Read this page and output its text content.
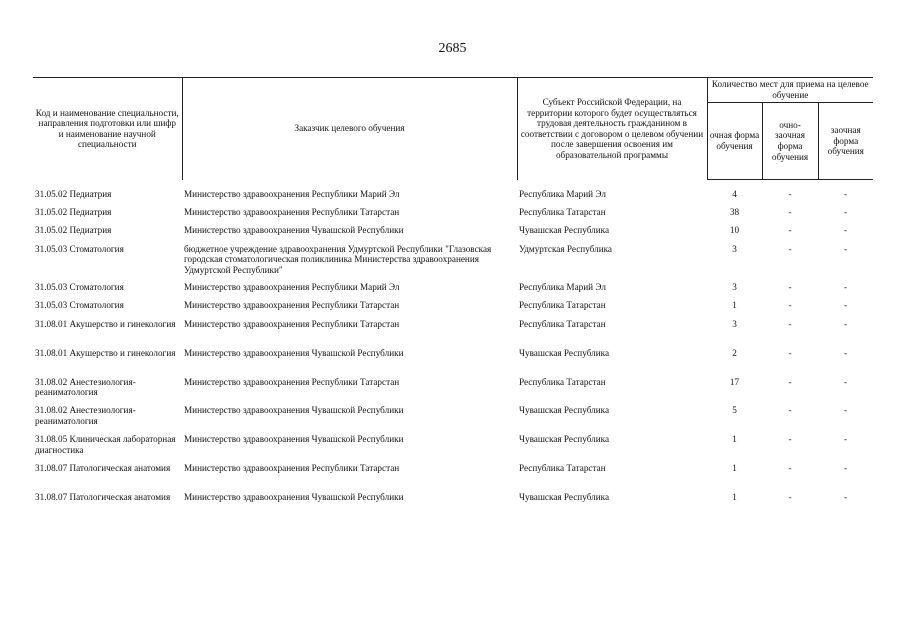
2685
Код и наименование специальности, направления подготовки или шифр и наименование научной специальности	Заказчик целевого обучения	Субъект Российской Федерации, на территории которого будет осуществляться трудовая деятельность гражданином в соответствии с договором о целевом обучении после завершения освоения им образовательной программы	Количество мест для приема на целевое обучение		
			очная форма обучения	очно-заочная форма обучения	заочная форма обучения

31.05.02 Педиатрия	Министерство здравоохранения Республики Марий Эл	Республика Марий Эл	4	-	-
31.05.02 Педиатрия	Министерство здравоохранения Республики Татарстан	Республика Татарстан	38	-	-
31.05.02 Педиатрия	Министерство здравоохранения Чувашской Республики	Чувашская Республика	10	-	-
31.05.03 Стоматология	бюджетное учреждение здравоохранения Удмуртской Республики "Глазовская городская стоматологическая поликлиника Министерства здравоохранения Удмуртской Республики"	Удмуртская Республика	3	-	-
31.05.03 Стоматология	Министерство здравоохранения Республики Марий Эл	Республика Марий Эл	3	-	-
31.05.03 Стоматология	Министерство здравоохранения Республики Татарстан	Республика Татарстан	1	-	-
31.08.01 Акушерство и гинекология	Министерство здравоохранения Республики Татарстан	Республика Татарстан	3	-	-
31.08.01 Акушерство и гинекология	Министерство здравоохранения Чувашской Республики	Чувашская Республика	2	-	-
31.08.02 Анестезиология-реаниматология	Министерство здравоохранения Республики Татарстан	Республика Татарстан	17	-	-
31.08.02 Анестезиология-реаниматология	Министерство здравоохранения Чувашской Республики	Чувашская Республика	5	-	-
31.08.05 Клиническая лабораторная диагностика	Министерство здравоохранения Чувашской Республики	Чувашская Республика	1	-	-
31.08.07 Патологическая анатомия	Министерство здравоохранения Республики Татарстан	Республика Татарстан	1	-	-
31.08.07 Патологическая анатомия	Министерство здравоохранения Чувашской Республики	Чувашская Республика	1	-	-
